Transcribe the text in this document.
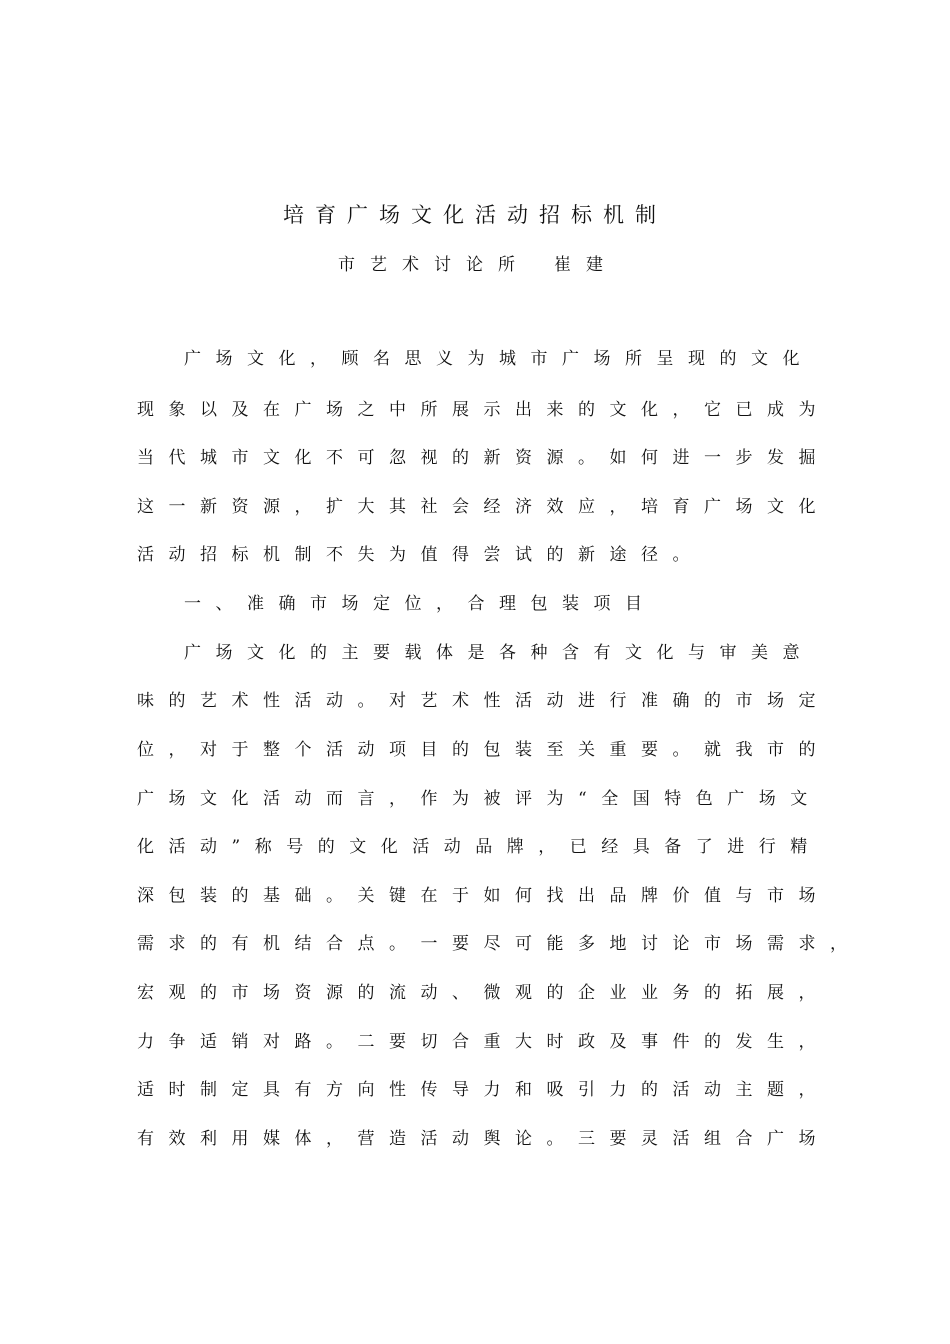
培育广场文化活动招标机制
市艺术讨论所 崔建
广场文化，顾名思义为城市广场所呈现的文化
现象以及在广场之中所展示出来的文化，它已成为
当代城市文化不可忽视的新资源。如何进一步发掘
这一新资源，扩大其社会经济效应，培育广场文化
活动招标机制不失为值得尝试的新途径。
一、准确市场定位，合理包装项目
广场文化的主要载体是各种含有文化与审美意
味的艺术性活动。对艺术性活动进行准确的市场定
位，对于整个活动项目的包装至关重要。就我市的
广场文化活动而言，作为被评为“全国特色广场文
化活动”称号的文化活动品牌，已经具备了进行精
深包装的基础。关键在于如何找出品牌价值与市场
需求的有机结合点。一要尽可能多地讨论市场需求，
宏观的市场资源的流动、微观的企业业务的拓展，
力争适销对路。二要切合重大时政及事件的发生，
适时制定具有方向性传导力和吸引力的活动主题，
有效利用媒体，营造活动舆论。三要灵活组合广场
